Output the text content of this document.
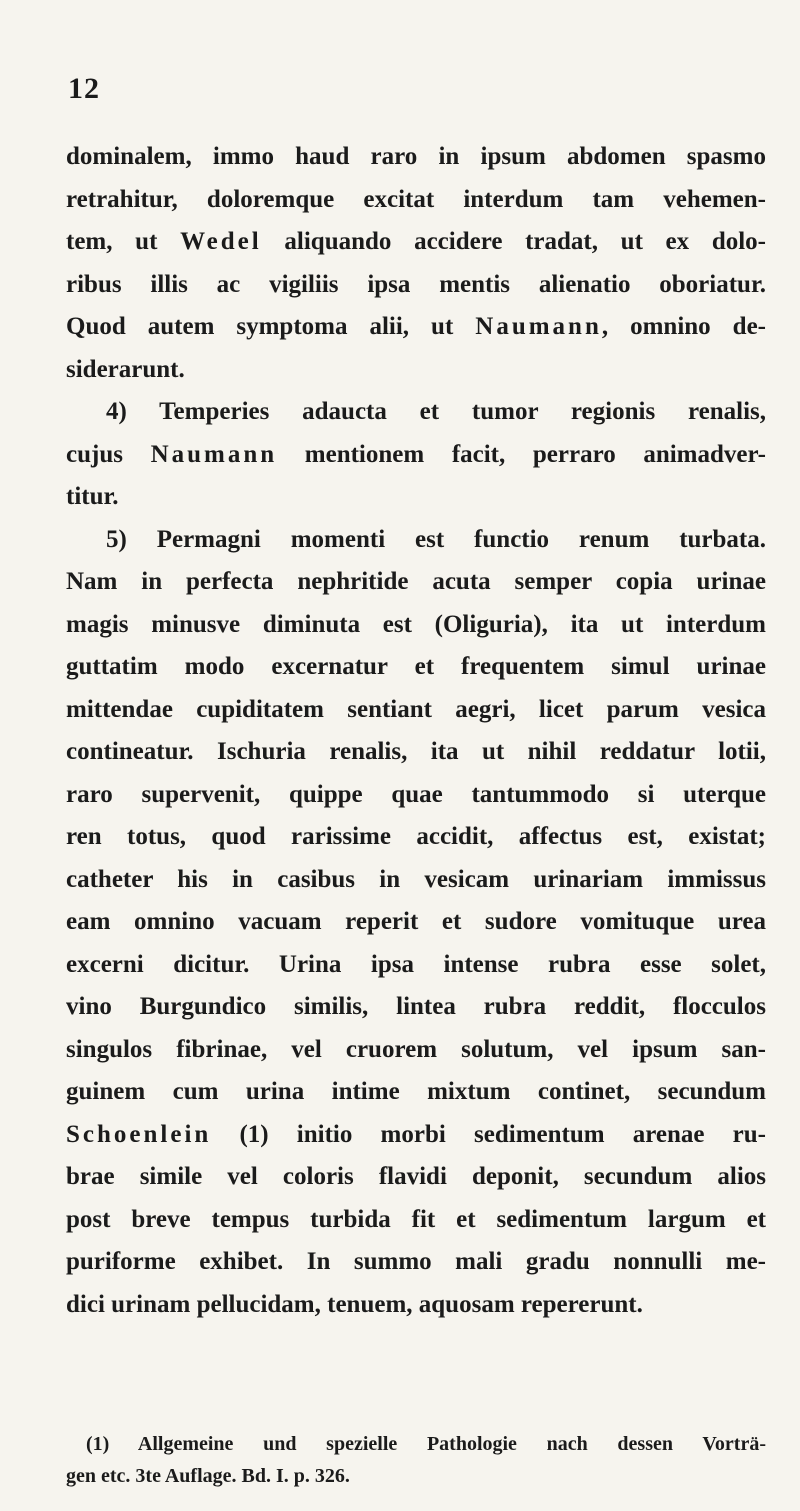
12
dominalem, immo haud raro in ipsum abdomen spasmo
retrahitur, doloremque excitat interdum tam vehemen-
tem, ut Wedel aliquando accidere tradat, ut ex dolo-
ribus illis ac vigiliis ipsa mentis alienatio oboriatur.
Quod autem symptoma alii, ut Naumann, omnino de-
siderarunt.
4) Temperies adaucta et tumor regionis renalis,
cujus Naumann mentionem facit, perraro animadver-
titur.
5) Permagni momenti est functio renum turbata.
Nam in perfecta nephritide acuta semper copia urinae
magis minusve diminuta est (Oliguria), ita ut interdum
guttatim modo excernatur et frequentem simul urinae
mittendae cupiditatem sentiant aegri, licet parum vesica
contineatur. Ischuria renalis, ita ut nihil reddatur lotii,
raro supervenit, quippe quae tantummodo si uterque
ren totus, quod rarissime accidit, affectus est, existat;
catheter his in casibus in vesicam urinariam immissus
eam omnino vacuam reperit et sudore vomituque urea
excerni dicitur. Urina ipsa intense rubra esse solet,
vino Burgundico similis, lintea rubra reddit, flocculos
singulos fibrinae, vel cruorem solutum, vel ipsum san-
guinem cum urina intime mixtum continet, secundum
Schoenlein (1) initio morbi sedimentum arenae ru-
brae simile vel coloris flavidi deponit, secundum alios
post breve tempus turbida fit et sedimentum largum et
puriforme exhibet. In summo mali gradu nonnulli me-
dici urinam pellucidam, tenuem, aquosam repererunt.
(1) Allgemeine und spezielle Pathologie nach dessen Vorträ-
gen etc. 3te Auflage. Bd. I. p. 326.
